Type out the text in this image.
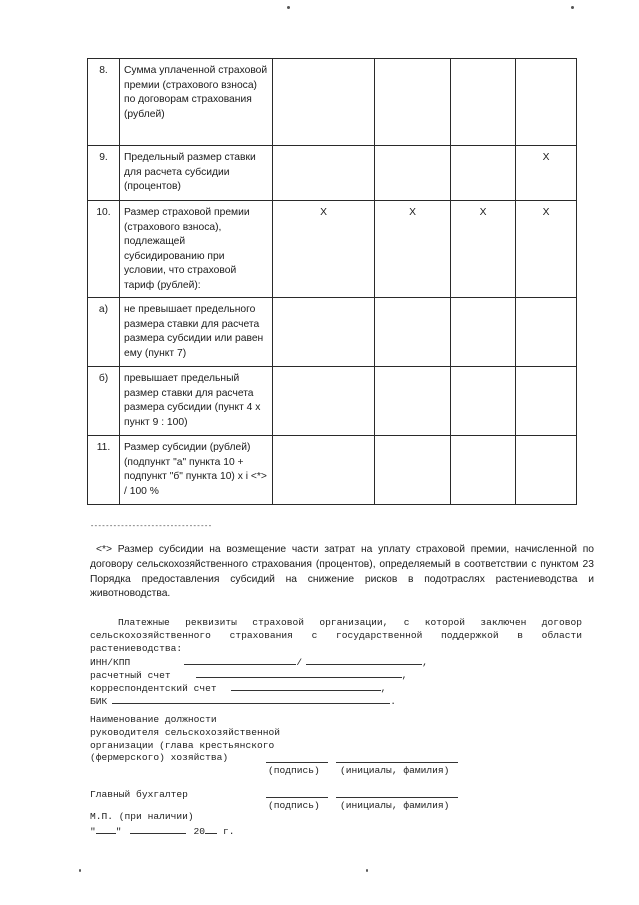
8.	Сумма уплаченной страховой премии (страхового взноса) по договорам страхования (рублей)				
9.	Предельный размер ставки для расчета субсидии (процентов)				X
10.	Размер страховой премии (страхового взноса), подлежащей субсидированию при условии, что страховой тариф (рублей):	X	X	X	X
а)	не превышает предельного размера ставки для расчета размера субсидии или равен ему (пункт 7)				
б)	превышает предельный размер ставки для расчета размера субсидии (пункт 4 x пункт 9 : 100)				
11.	Размер субсидии (рублей) (подпункт "а" пункта 10 + подпункт "б" пункта 10) x i <*> / 100 %				
--------------------------------

<*> Размер субсидии на возмещение части затрат на уплату страховой премии, начисленной по договору сельскохозяйственного страхования (процентов), определяемый в соответствии с пунктом 23 Порядка предоставления субсидий на снижение рисков в подотраслях растениеводства и животноводства.

Платежные реквизиты страховой организации, с которой заключен договор сельскохозяйственного страхования с государственной поддержкой в области растениеводства:

ИНН/КПП	/	,
расчетный счет	,
корреспондентский счет	,
БИК	.
Наименование должности
руководителя сельскохозяйственной
организации (глава крестьянского
(фермерского) хозяйства)
(подпись) (инициалы, фамилия)
Главный бухгалтер
(подпись) (инициалы, фамилия)
М.П. (при наличии)
" "	20 г.
